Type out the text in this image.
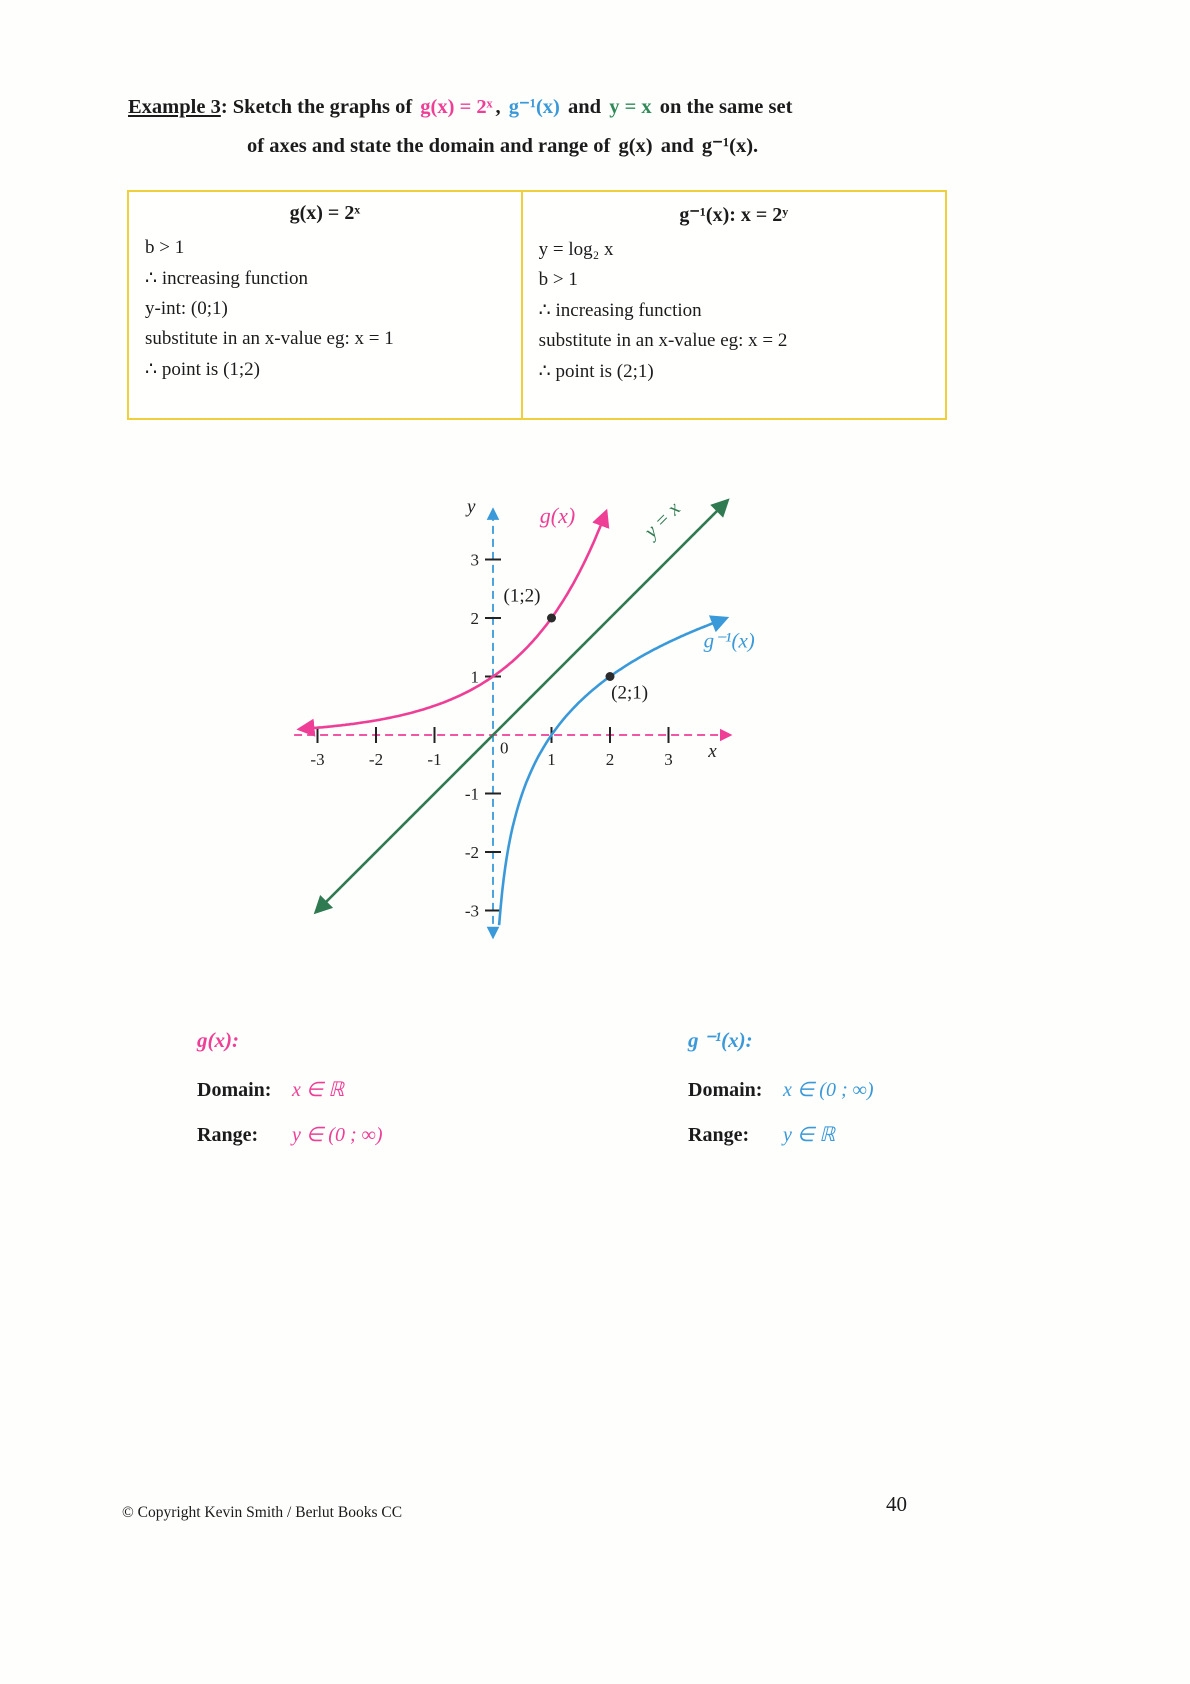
Example 3: Sketch the graphs of g(x) = 2ˣ , g⁻¹(x) and y = x on the same set
of axes and state the domain and range of g(x) and g⁻¹(x).
g(x) = 2ˣ
b > 1
∴ increasing function
y-int: (0;1)
substitute in an x-value eg: x = 1
∴ point is (1;2)
g⁻¹(x): x = 2ʸ
y = log₂ x
b > 1
∴ increasing function
substitute in an x-value eg: x = 2
∴ point is (2;1)
-3	-2	-1	1	2	3
3
2
1
-1
-2
-3
(1;2)
(2;1)
g(x)	y = x
g⁻¹(x)
y
x
0
g(x):
Domain: x ∈ ℝ
Range: y ∈ (0 ; ∞)
g ⁻¹(x):
Domain: x ∈ (0 ; ∞)
Range: y ∈ ℝ
© Copyright Kevin Smith / Berlut Books CC	40
